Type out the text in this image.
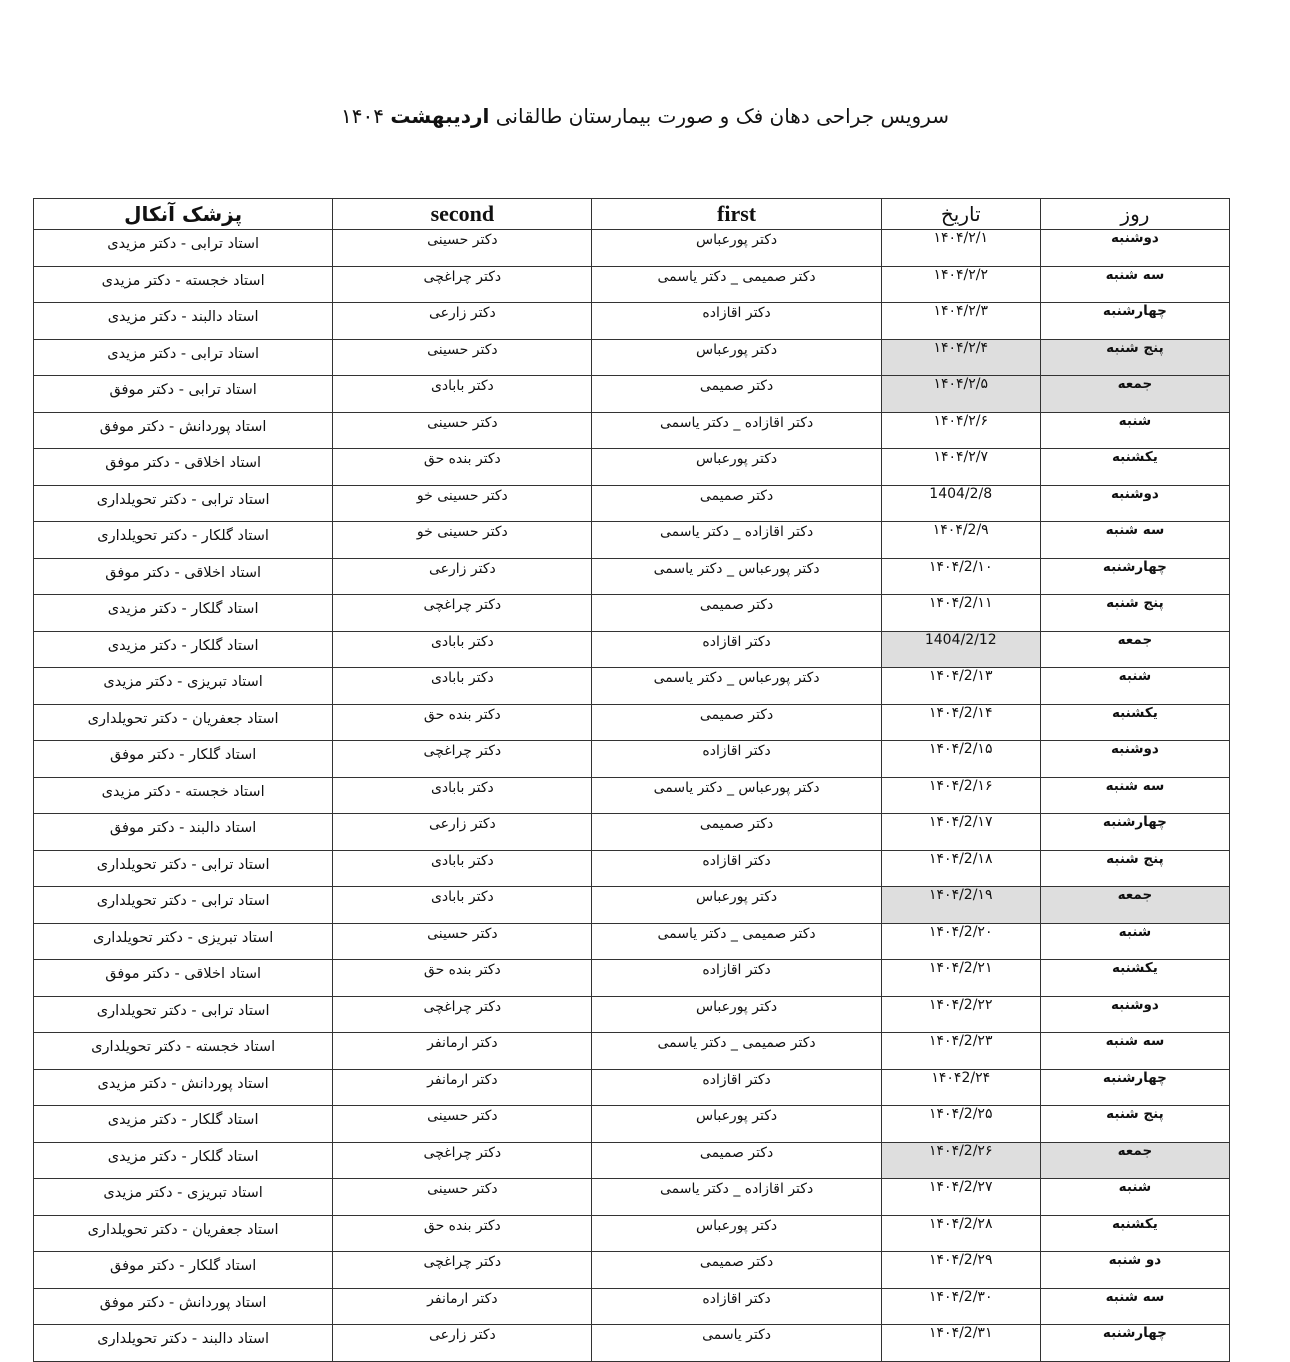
سرویس جراحی دهان فک و صورت بیمارستان طالقانی اردیبهشت ۱۴۰۴
پزشک آنکال	second	first	تاریخ	روز
استاد ترابی - دکتر مزیدی	دکتر حسینی	دکتر پورعباس	۱۴۰۴/۲/۱	دوشنبه
استاد خجسته - دکتر مزیدی	دکتر چراغچی	دکتر صمیمی _ دکتر یاسمی	۱۴۰۴/۲/۲	سه شنبه
استاد دالبند - دکتر مزیدی	دکتر زارعی	دکتر اقازاده	۱۴۰۴/۲/۳	چهارشنبه
استاد ترابی - دکتر مزیدی	دکتر حسینی	دکتر پورعباس	۱۴۰۴/۲/۴	پنج شنبه
استاد ترابی - دکتر موفق	دکتر بابادی	دکتر صمیمی	۱۴۰۴/۲/۵	جمعه
استاد پوردانش - دکتر موفق	دکتر حسینی	دکتر اقازاده _ دکتر یاسمی	۱۴۰۴/۲/۶	شنبه
استاد اخلاقی - دکتر موفق	دکتر بنده حق	دکتر پورعباس	۱۴۰۴/۲/۷	یکشنبه
استاد ترابی - دکتر تحویلداری	دکتر حسینی خو	دکتر صمیمی	1404/2/8	دوشنبه
استاد گلکار - دکتر تحویلداری	دکتر حسینی خو	دکتر اقازاده _ دکتر یاسمی	۱۴۰۴/2/۹	سه شنبه
استاد اخلاقی - دکتر موفق	دکتر زارعی	دکتر پورعباس _ دکتر یاسمی	۱۴۰۴/2/۱۰	چهارشنبه
استاد گلکار - دکتر مزیدی	دکتر چراغچی	دکتر صمیمی	۱۴۰۴/2/۱۱	پنج شنبه
استاد گلکار - دکتر مزیدی	دکتر بابادی	دکتر اقازاده	1404/2/12	جمعه
استاد تبریزی - دکتر مزیدی	دکتر بابادی	دکتر پورعباس _ دکتر یاسمی	۱۴۰۴/2/۱۳	شنبه
استاد جعفریان - دکتر تحویلداری	دکتر بنده حق	دکتر صمیمی	۱۴۰۴/2/۱۴	یکشنبه
استاد گلکار - دکتر موفق	دکتر چراغچی	دکتر اقازاده	۱۴۰۴/2/۱۵	دوشنبه
استاد خجسته - دکتر مزیدی	دکتر بابادی	دکتر پورعباس _ دکتر یاسمی	۱۴۰۴/2/۱۶	سه شنبه
استاد دالبند - دکتر موفق	دکتر زارعی	دکتر صمیمی	۱۴۰۴/2/۱۷	چهارشنبه
استاد ترابی - دکتر تحویلداری	دکتر بابادی	دکتر اقازاده	۱۴۰۴/2/۱۸	پنج شنبه
استاد ترابی - دکتر تحویلداری	دکتر بابادی	دکتر پورعباس	۱۴۰۴/2/۱۹	جمعه
استاد تبریزی - دکتر تحویلداری	دکتر حسینی	دکتر صمیمی _ دکتر یاسمی	۱۴۰۴/2/۲۰	شنبه
استاد اخلاقی - دکتر موفق	دکتر بنده حق	دکتر اقازاده	۱۴۰۴/2/۲۱	یکشنبه
استاد ترابی - دکتر تحویلداری	دکتر چراغچی	دکتر پورعباس	۱۴۰۴/2/۲۲	دوشنبه
استاد خجسته - دکتر تحویلداری	دکتر ارمانفر	دکتر صمیمی _ دکتر یاسمی	۱۴۰۴/2/۲۳	سه شنبه
استاد پوردانش - دکتر مزیدی	دکتر ارمانفر	دکتر اقازاده	۱۴۰۴2/۲۴	چهارشنبه
استاد گلکار - دکتر مزیدی	دکتر حسینی	دکتر پورعباس	۱۴۰۴/2/۲۵	پنج شنبه
استاد گلکار - دکتر مزیدی	دکتر چراغچی	دکتر صمیمی	۱۴۰۴/2/۲۶	جمعه
استاد تبریزی - دکتر مزیدی	دکتر حسینی	دکتر اقازاده _ دکتر یاسمی	۱۴۰۴/2/۲۷	شنبه
استاد جعفریان - دکتر تحویلداری	دکتر بنده حق	دکتر پورعباس	۱۴۰۴/2/۲۸	یکشنبه
استاد گلکار - دکتر موفق	دکتر چراغچی	دکتر صمیمی	۱۴۰۴/2/۲۹	دو شنبه
استاد پوردانش - دکتر موفق	دکتر ارمانفر	دکتر اقازاده	۱۴۰۴/2/۳۰	سه شنبه
استاد دالبند - دکتر تحویلداری	دکتر زارعی	دکتر یاسمی	۱۴۰۴/2/۳۱	چهارشنبه
